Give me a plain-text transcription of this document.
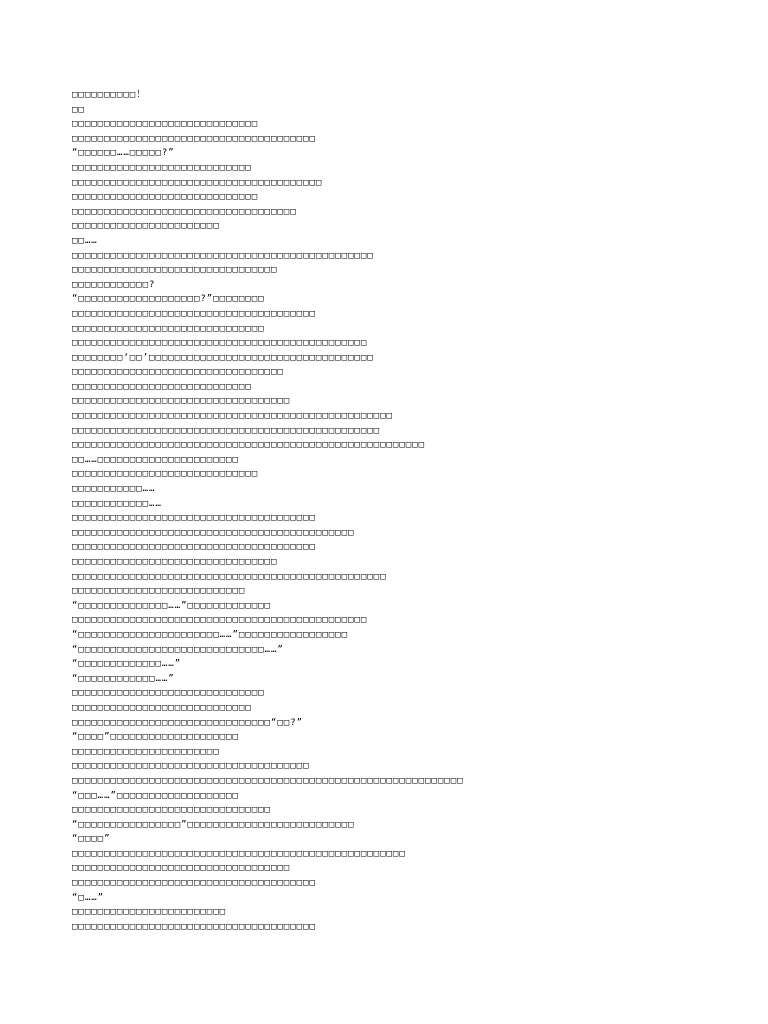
□□□□□□□□□□！
□□
□□□□□□□□□□□□□□□□□□□□□□□□□□□□□
□□□□□□□□□□□□□□□□□□□□□□□□□□□□□□□□□□□□□□
“□□□□□□……□□□□□?”
□□□□□□□□□□□□□□□□□□□□□□□□□□□□
□□□□□□□□□□□□□□□□□□□□□□□□□□□□□□□□□□□□□□□
□□□□□□□□□□□□□□□□□□□□□□□□□□□□□
□□□□□□□□□□□□□□□□□□□□□□□□□□□□□□□□□□□
□□□□□□□□□□□□□□□□□□□□□□□
□□……
□□□□□□□□□□□□□□□□□□□□□□□□□□□□□□□□□□□□□□□□□□□□□□□
□□□□□□□□□□□□□□□□□□□□□□□□□□□□□□□□
□□□□□□□□□□□□?
“□□□□□□□□□□□□□□□□□□□?”□□□□□□□□
□□□□□□□□□□□□□□□□□□□□□□□□□□□□□□□□□□□□□□
□□□□□□□□□□□□□□□□□□□□□□□□□□□□□□
□□□□□□□□□□□□□□□□□□□□□□□□□□□□□□□□□□□□□□□□□□□□□□
□□□□□□□□‘□□’□□□□□□□□□□□□□□□□□□□□□□□□□□□□□□□□□□□
□□□□□□□□□□□□□□□□□□□□□□□□□□□□□□□□□
□□□□□□□□□□□□□□□□□□□□□□□□□□□□
□□□□□□□□□□□□□□□□□□□□□□□□□□□□□□□□□□
□□□□□□□□□□□□□□□□□□□□□□□□□□□□□□□□□□□□□□□□□□□□□□□□□□
□□□□□□□□□□□□□□□□□□□□□□□□□□□□□□□□□□□□□□□□□□□□□□□□
□□□□□□□□□□□□□□□□□□□□□□□□□□□□□□□□□□□□□□□□□□□□□□□□□□□□□□□
□□……□□□□□□□□□□□□□□□□□□□□□□
□□□□□□□□□□□□□□□□□□□□□□□□□□□□□
□□□□□□□□□□□……
□□□□□□□□□□□□……
□□□□□□□□□□□□□□□□□□□□□□□□□□□□□□□□□□□□□□
□□□□□□□□□□□□□□□□□□□□□□□□□□□□□□□□□□□□□□□□□□□□
□□□□□□□□□□□□□□□□□□□□□□□□□□□□□□□□□□□□□□
□□□□□□□□□□□□□□□□□□□□□□□□□□□□□□□□
□□□□□□□□□□□□□□□□□□□□□□□□□□□□□□□□□□□□□□□□□□□□□□□□□
□□□□□□□□□□□□□□□□□□□□□□□□□□□
“□□□□□□□□□□□□□□……”□□□□□□□□□□□□□
□□□□□□□□□□□□□□□□□□□□□□□□□□□□□□□□□□□□□□□□□□□□□□
“□□□□□□□□□□□□□□□□□□□□□□……”□□□□□□□□□□□□□□□□□
“□□□□□□□□□□□□□□□□□□□□□□□□□□□□□……”
“□□□□□□□□□□□□□……”
“□□□□□□□□□□□□……”
□□□□□□□□□□□□□□□□□□□□□□□□□□□□□□
□□□□□□□□□□□□□□□□□□□□□□□□□□□□
□□□□□□□□□□□□□□□□□□□□□□□□□□□□□□□“□□?”
“□□□□”□□□□□□□□□□□□□□□□□□□□
□□□□□□□□□□□□□□□□□□□□□□□
□□□□□□□□□□□□□□□□□□□□□□□□□□□□□□□□□□□□□
□□□□□□□□□□□□□□□□□□□□□□□□□□□□□□□□□□□□□□□□□□□□□□□□□□□□□□□□□□□□□
“□□□……”□□□□□□□□□□□□□□□□□□□
□□□□□□□□□□□□□□□□□□□□□□□□□□□□□□□
“□□□□□□□□□□□□□□□□”□□□□□□□□□□□□□□□□□□□□□□□□□□
“□□□□”
□□□□□□□□□□□□□□□□□□□□□□□□□□□□□□□□□□□□□□□□□□□□□□□□□□□□
□□□□□□□□□□□□□□□□□□□□□□□□□□□□□□□□□□
□□□□□□□□□□□□□□□□□□□□□□□□□□□□□□□□□□□□□□
“□……”
□□□□□□□□□□□□□□□□□□□□□□□□
□□□□□□□□□□□□□□□□□□□□□□□□□□□□□□□□□□□□□□
